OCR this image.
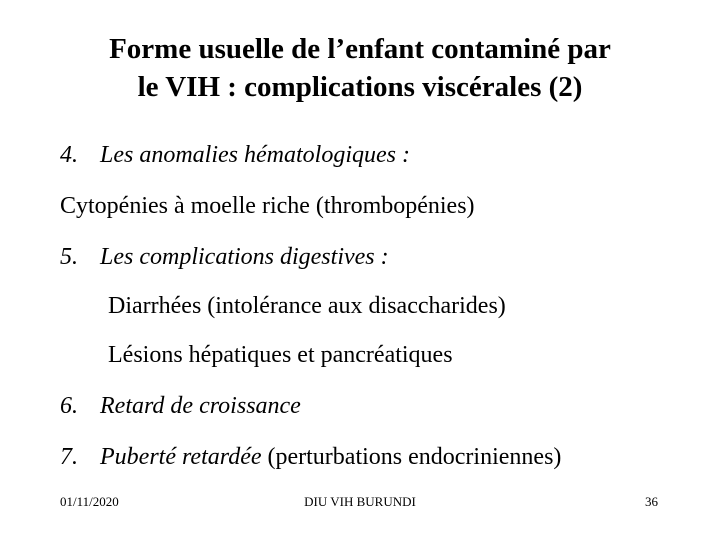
Forme usuelle de l’enfant contaminé par
le VIH : complications viscérales (2)
4. Les anomalies hématologiques :
Cytopénies à moelle riche (thrombopénies)
5. Les complications digestives :
Diarrhées (intolérance aux disaccharides)
Lésions hépatiques et pancréatiques
6. Retard de croissance
7. Puberté retardée (perturbations endocriniennes)
01/11/2020	DIU VIH BURUNDI	36
